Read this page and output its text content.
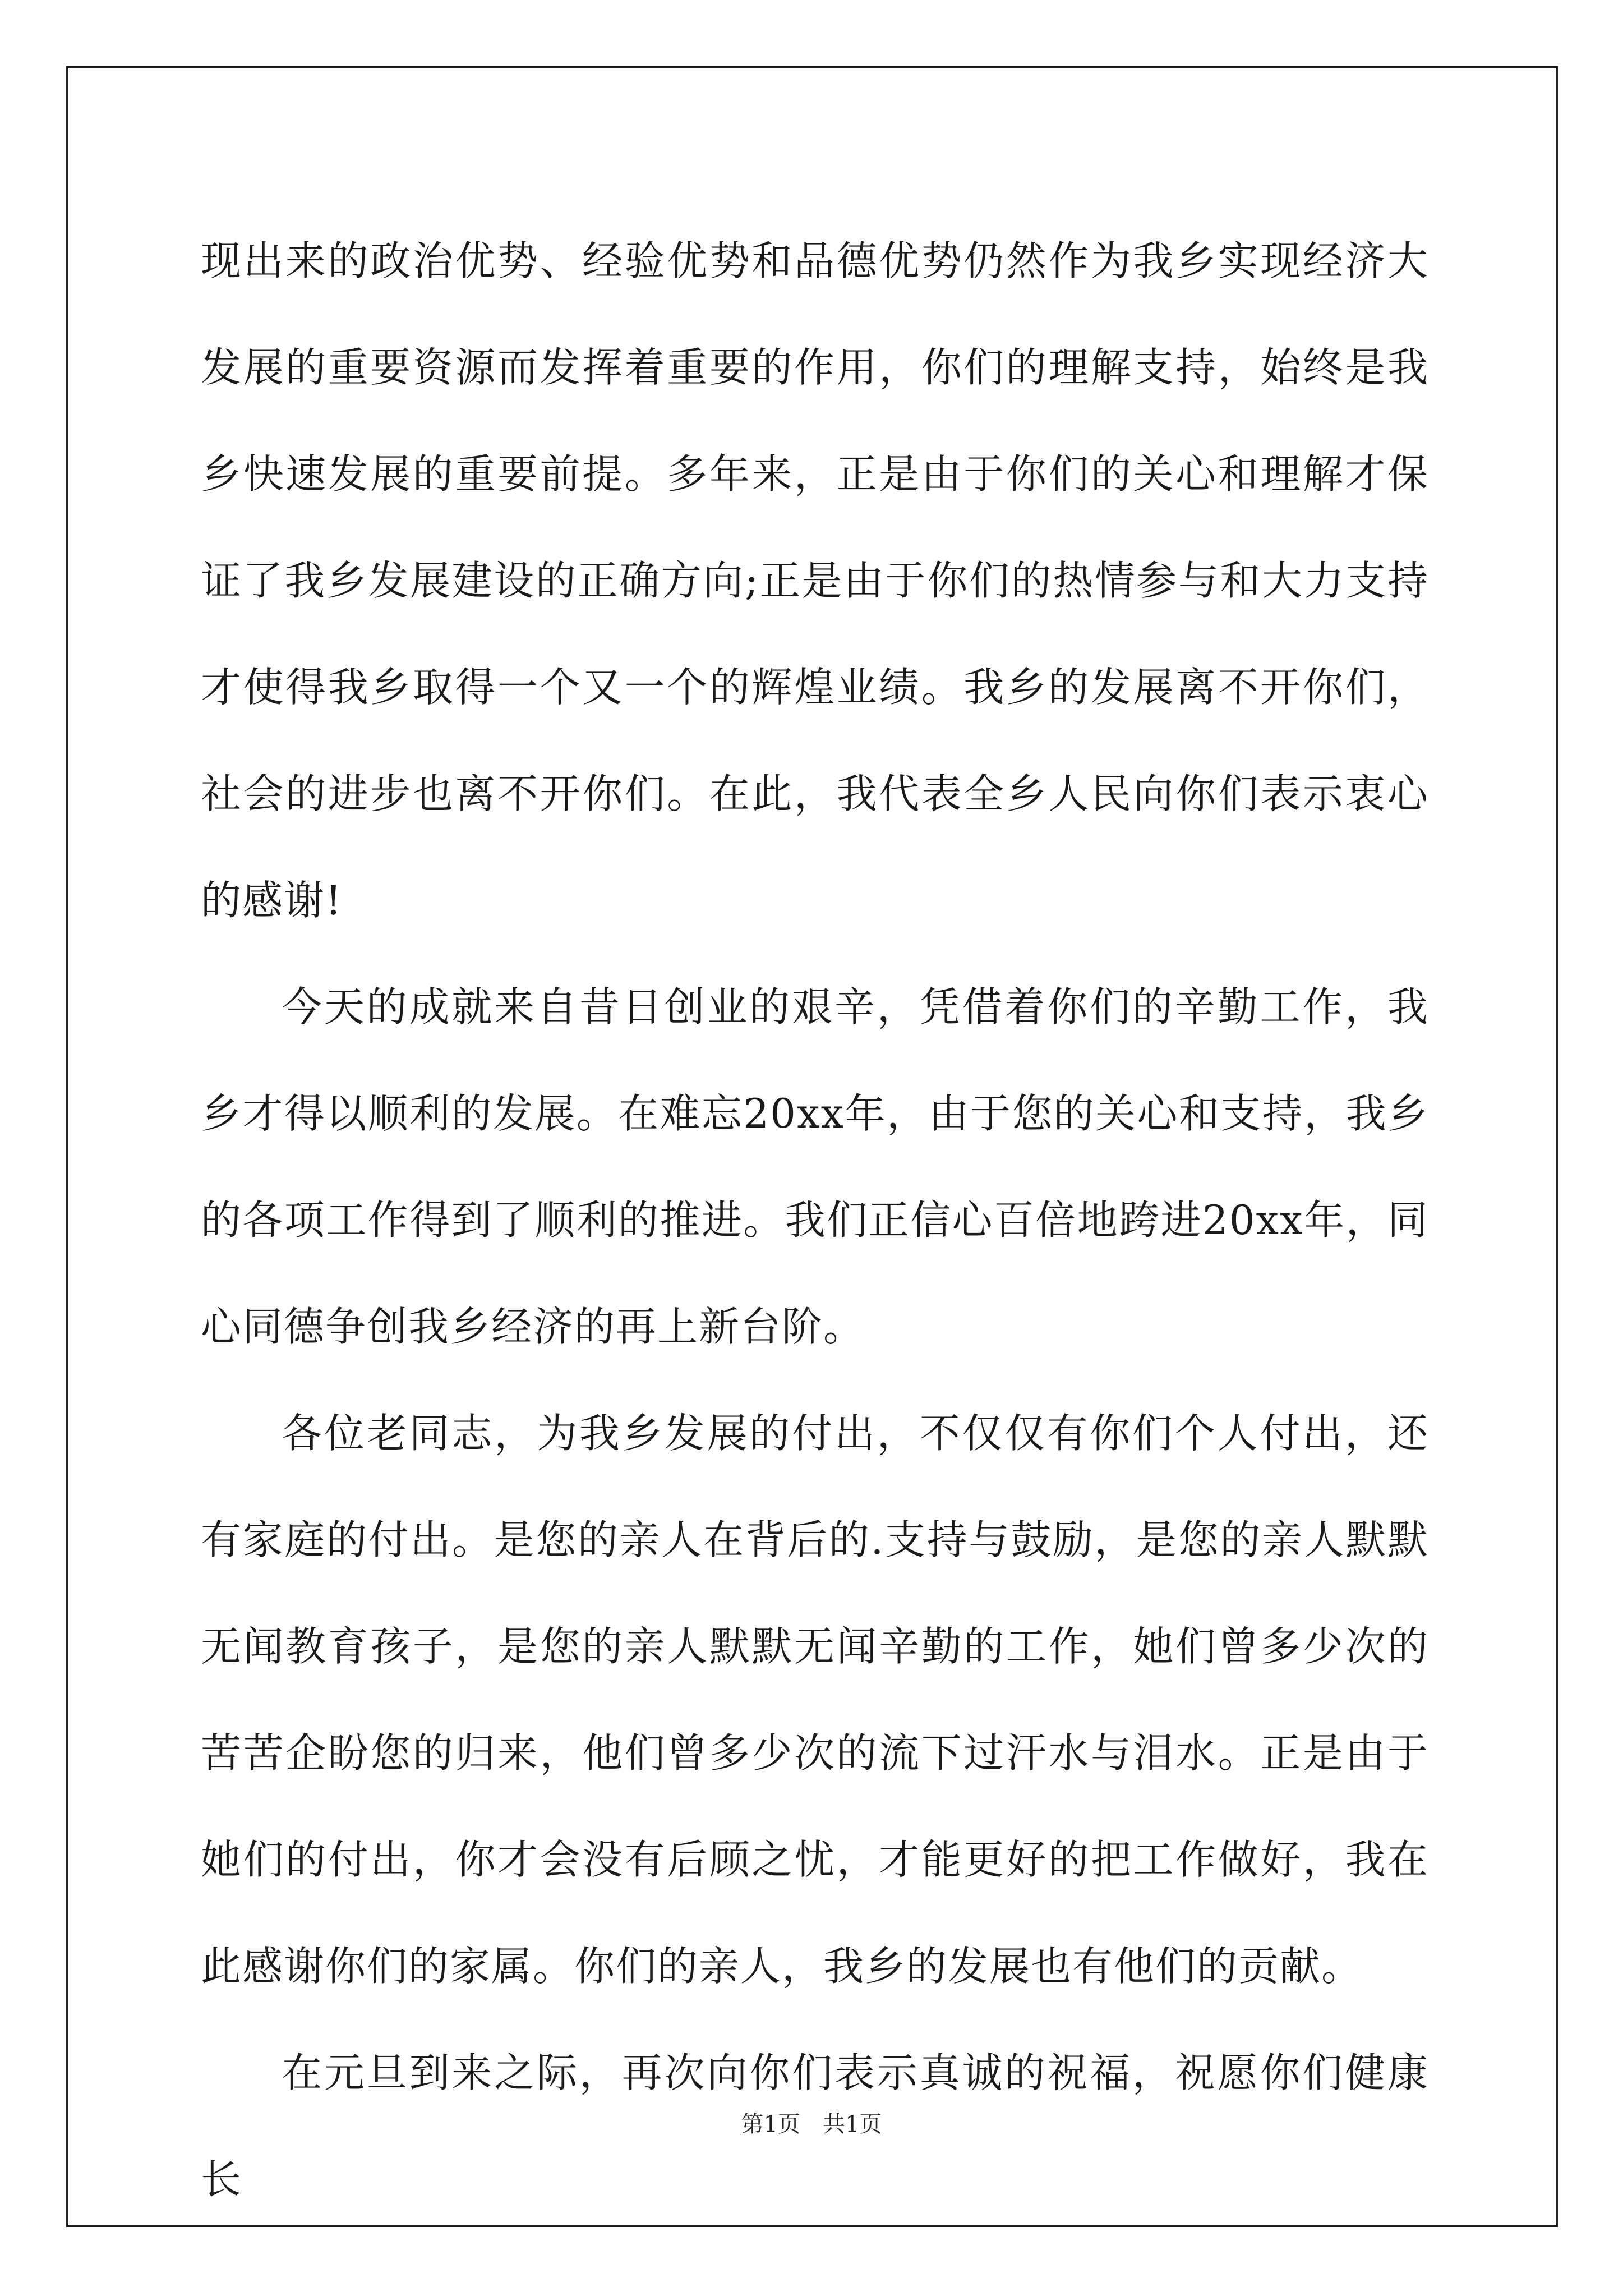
现出来的政治优势、经验优势和品德优势仍然作为我乡实现经济大发展的重要资源而发挥着重要的作用，你们的理解支持，始终是我乡快速发展的重要前提。多年来，正是由于你们的关心和理解才保证了我乡发展建设的正确方向;正是由于你们的热情参与和大力支持才使得我乡取得一个又一个的辉煌业绩。我乡的发展离不开你们，社会的进步也离不开你们。在此，我代表全乡人民向你们表示衷心的感谢!

今天的成就来自昔日创业的艰辛，凭借着你们的辛勤工作，我乡才得以顺利的发展。在难忘20xx年，由于您的关心和支持，我乡的各项工作得到了顺利的推进。我们正信心百倍地跨进20xx年，同心同德争创我乡经济的再上新台阶。

各位老同志，为我乡发展的付出，不仅仅有你们个人付出，还有家庭的付出。是您的亲人在背后的.支持与鼓励，是您的亲人默默无闻教育孩子，是您的亲人默默无闻辛勤的工作，她们曾多少次的苦苦企盼您的归来，他们曾多少次的流下过汗水与泪水。正是由于她们的付出，你才会没有后顾之忧，才能更好的把工作做好，我在此感谢你们的家属。你们的亲人，我乡的发展也有他们的贡献。

在元旦到来之际，再次向你们表示真诚的祝福，祝愿你们健康长

第1页 共1页
